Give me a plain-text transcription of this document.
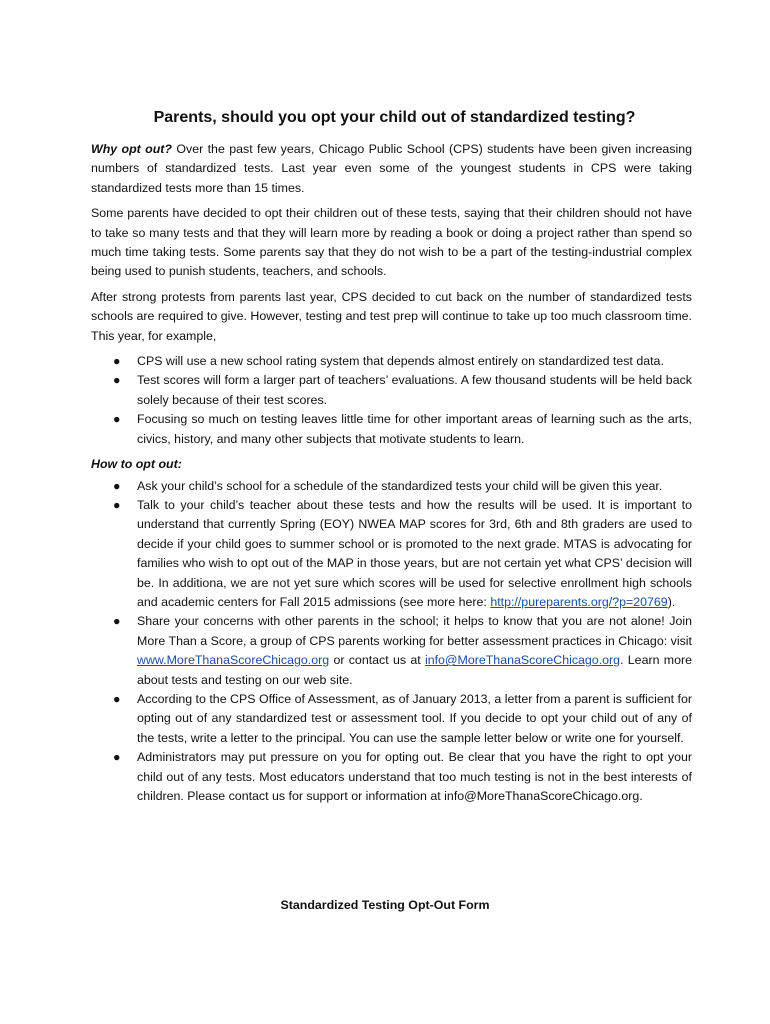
Parents, should you opt your child out of standardized testing?

Why opt out? Over the past few years, Chicago Public School (CPS) students have been given increasing numbers of standardized tests. Last year even some of the youngest students in CPS were taking standardized tests more than 15 times.

Some parents have decided to opt their children out of these tests, saying that their children should not have to take so many tests and that they will learn more by reading a book or doing a project rather than spend so much time taking tests. Some parents say that they do not wish to be a part of the testing-industrial complex being used to punish students, teachers, and schools.

After strong protests from parents last year, CPS decided to cut back on the number of standardized tests schools are required to give. However, testing and test prep will continue to take up too much classroom time. This year, for example,

● CPS will use a new school rating system that depends almost entirely on standardized test data.
● Test scores will form a larger part of teachers’ evaluations. A few thousand students will be held back solely because of their test scores.
● Focusing so much on testing leaves little time for other important areas of learning such as the arts, civics, history, and many other subjects that motivate students to learn.
How to opt out:
● Ask your child’s school for a schedule of the standardized tests your child will be given this year.
● Talk to your child’s teacher about these tests and how the results will be used. It is important to understand that currently Spring (EOY) NWEA MAP scores for 3rd, 6th and 8th graders are used to decide if your child goes to summer school or is promoted to the next grade. MTAS is advocating for families who wish to opt out of the MAP in those years, but are not certain yet what CPS’ decision will be. In additiona, we are not yet sure which scores will be used for selective enrollment high schools and academic centers for Fall 2015 admissions (see more here: http://pureparents.org/?p=20769).
● Share your concerns with other parents in the school; it helps to know that you are not alone! Join More Than a Score, a group of CPS parents working for better assessment practices in Chicago: visit www.MoreThanaScoreChicago.org or contact us at info@MoreThanaScoreChicago.org. Learn more about tests and testing on our web site.
● According to the CPS Office of Assessment, as of January 2013, a letter from a parent is sufficient for opting out of any standardized test or assessment tool. If you decide to opt your child out of any of the tests, write a letter to the principal. You can use the sample letter below or write one for yourself.
● Administrators may put pressure on you for opting out. Be clear that you have the right to opt your child out of any tests. Most educators understand that too much testing is not in the best interests of children. Please contact us for support or information at info@MoreThanaScoreChicago.org.
Standardized Testing Opt-Out Form
